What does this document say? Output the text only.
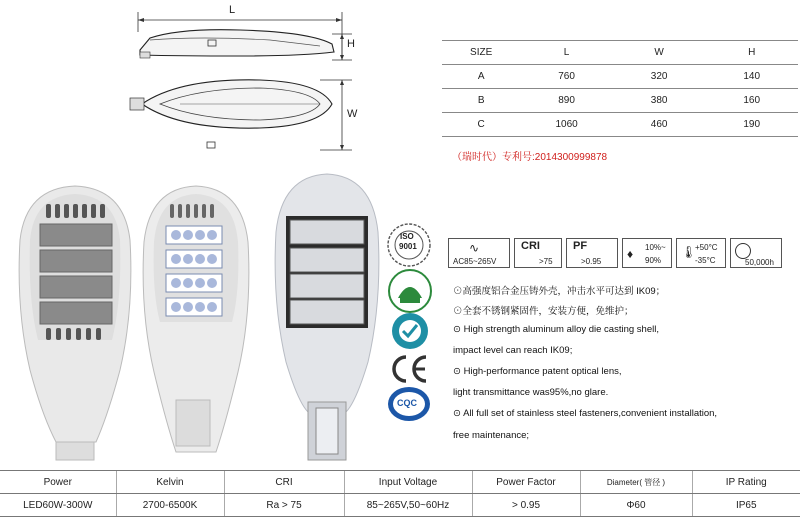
L
H
W
SIZE	L	W	H
A	760	320	140
B	890	380	160
C	1060	460	190
（瑞时代）专利号:2014300999878
ISO
9001
CQC
∿
AC85~265V
CRI
>75
PF
>0.95
♦ 10%~
90%
🌡
+50°C
-35°C	50,000h
⊙高强度铝合金压铸外壳，冲击水平可达到 IK09；
⊙全套不锈钢紧固件，安装方便，免维护；
⊙ High strength aluminum alloy die casting shell,
impact level can reach IK09;
⊙ High-performance patent optical lens,
light transmittance was95%,no glare.
⊙ All full set of stainless steel fasteners,convenient installation,
free maintenance;
Power	Kelvin	CRI	Input Voltage	Power Factor	Diameter( 管径 )	IP Rating
LED60W-300W	2700-6500K	Ra > 75	85~265V,50~60Hz	> 0.95	Φ60	IP65
